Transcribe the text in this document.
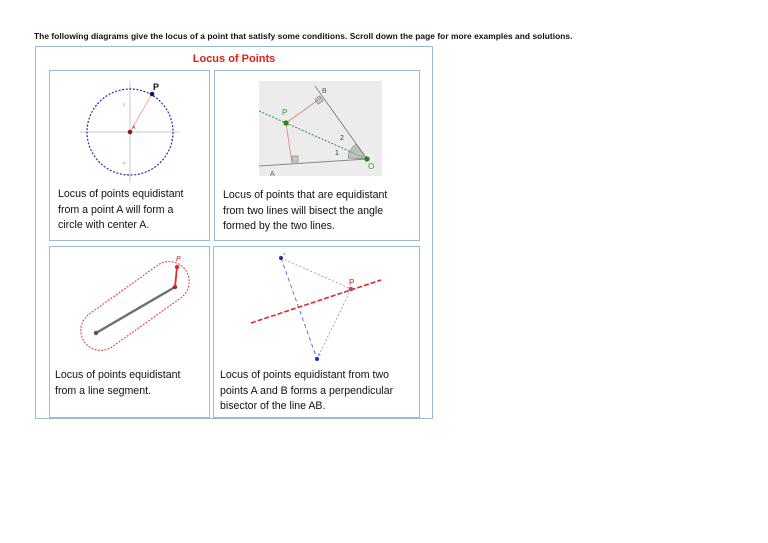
The following diagrams give the locus of a point that satisfy some conditions. Scroll down the page for more examples and solutions.
Locus of Points
P
A
2
-2
Locus of points equidistant
from a point A will form a
circle with center A.
P
O
A
B
1
2
Locus of points that are equidistant
from two lines will bisect the angle
formed by the two lines.
P
Locus of points equidistant
from a line segment.
P
A
B
Locus of points equidistant from two
points A and B forms a perpendicular
bisector of the line AB.
